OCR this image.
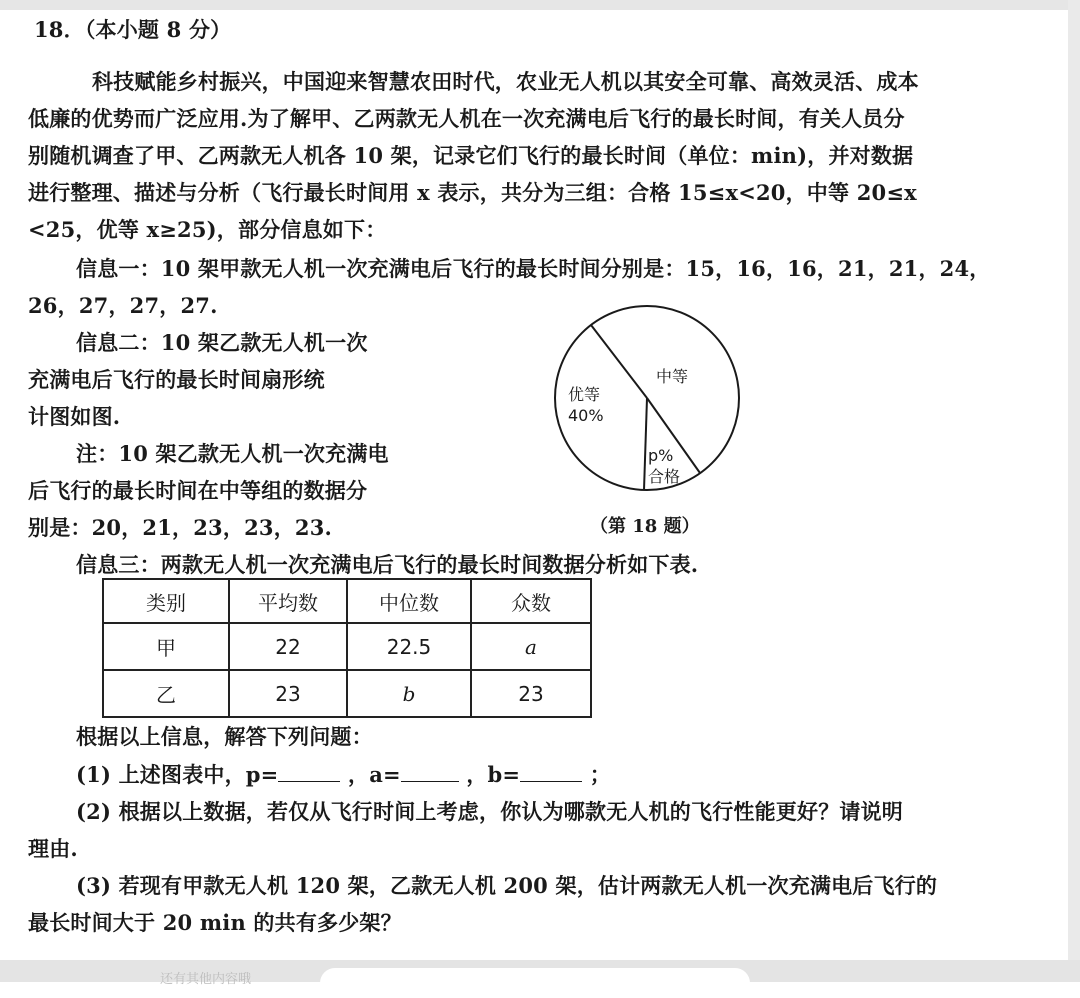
18．（本小题 8 分）
科技赋能乡村振兴，中国迎来智慧农田时代，农业无人机以其安全可靠、高效灵活、成本
低廉的优势而广泛应用.为了解甲、乙两款无人机在一次充满电后飞行的最长时间，有关人员分
别随机调查了甲、乙两款无人机各 10 架，记录它们飞行的最长时间（单位：min)，并对数据
进行整理、描述与分析（飞行最长时间用 x 表示，共分为三组：合格 15≤x<20，中等 20≤x
<25，优等 x≥25)，部分信息如下：
信息一：10 架甲款无人机一次充满电后飞行的最长时间分别是：15，16，16，21，21，24，
26，27，27，27.
信息二：10 架乙款无人机一次
充满电后飞行的最长时间扇形统
计图如图.
注：10 架乙款无人机一次充满电
后飞行的最长时间在中等组的数据分
别是：20，21，23，23，23.
优等
40%
中等
p%
合格
（第 18 题）
信息三：两款无人机一次充满电后飞行的最长时间数据分析如下表.
类别	平均数	中位数	众数
甲	22	22.5	a
乙	23	b	23
根据以上信息，解答下列问题：
(1) 上述图表中，p=	，a=	，b=	；
(2) 根据以上数据，若仅从飞行时间上考虑，你认为哪款无人机的飞行性能更好？请说明
理由.
(3) 若现有甲款无人机 120 架，乙款无人机 200 架，估计两款无人机一次充满电后飞行的
最长时间大于 20 min 的共有多少架？
还有其他内容哦
